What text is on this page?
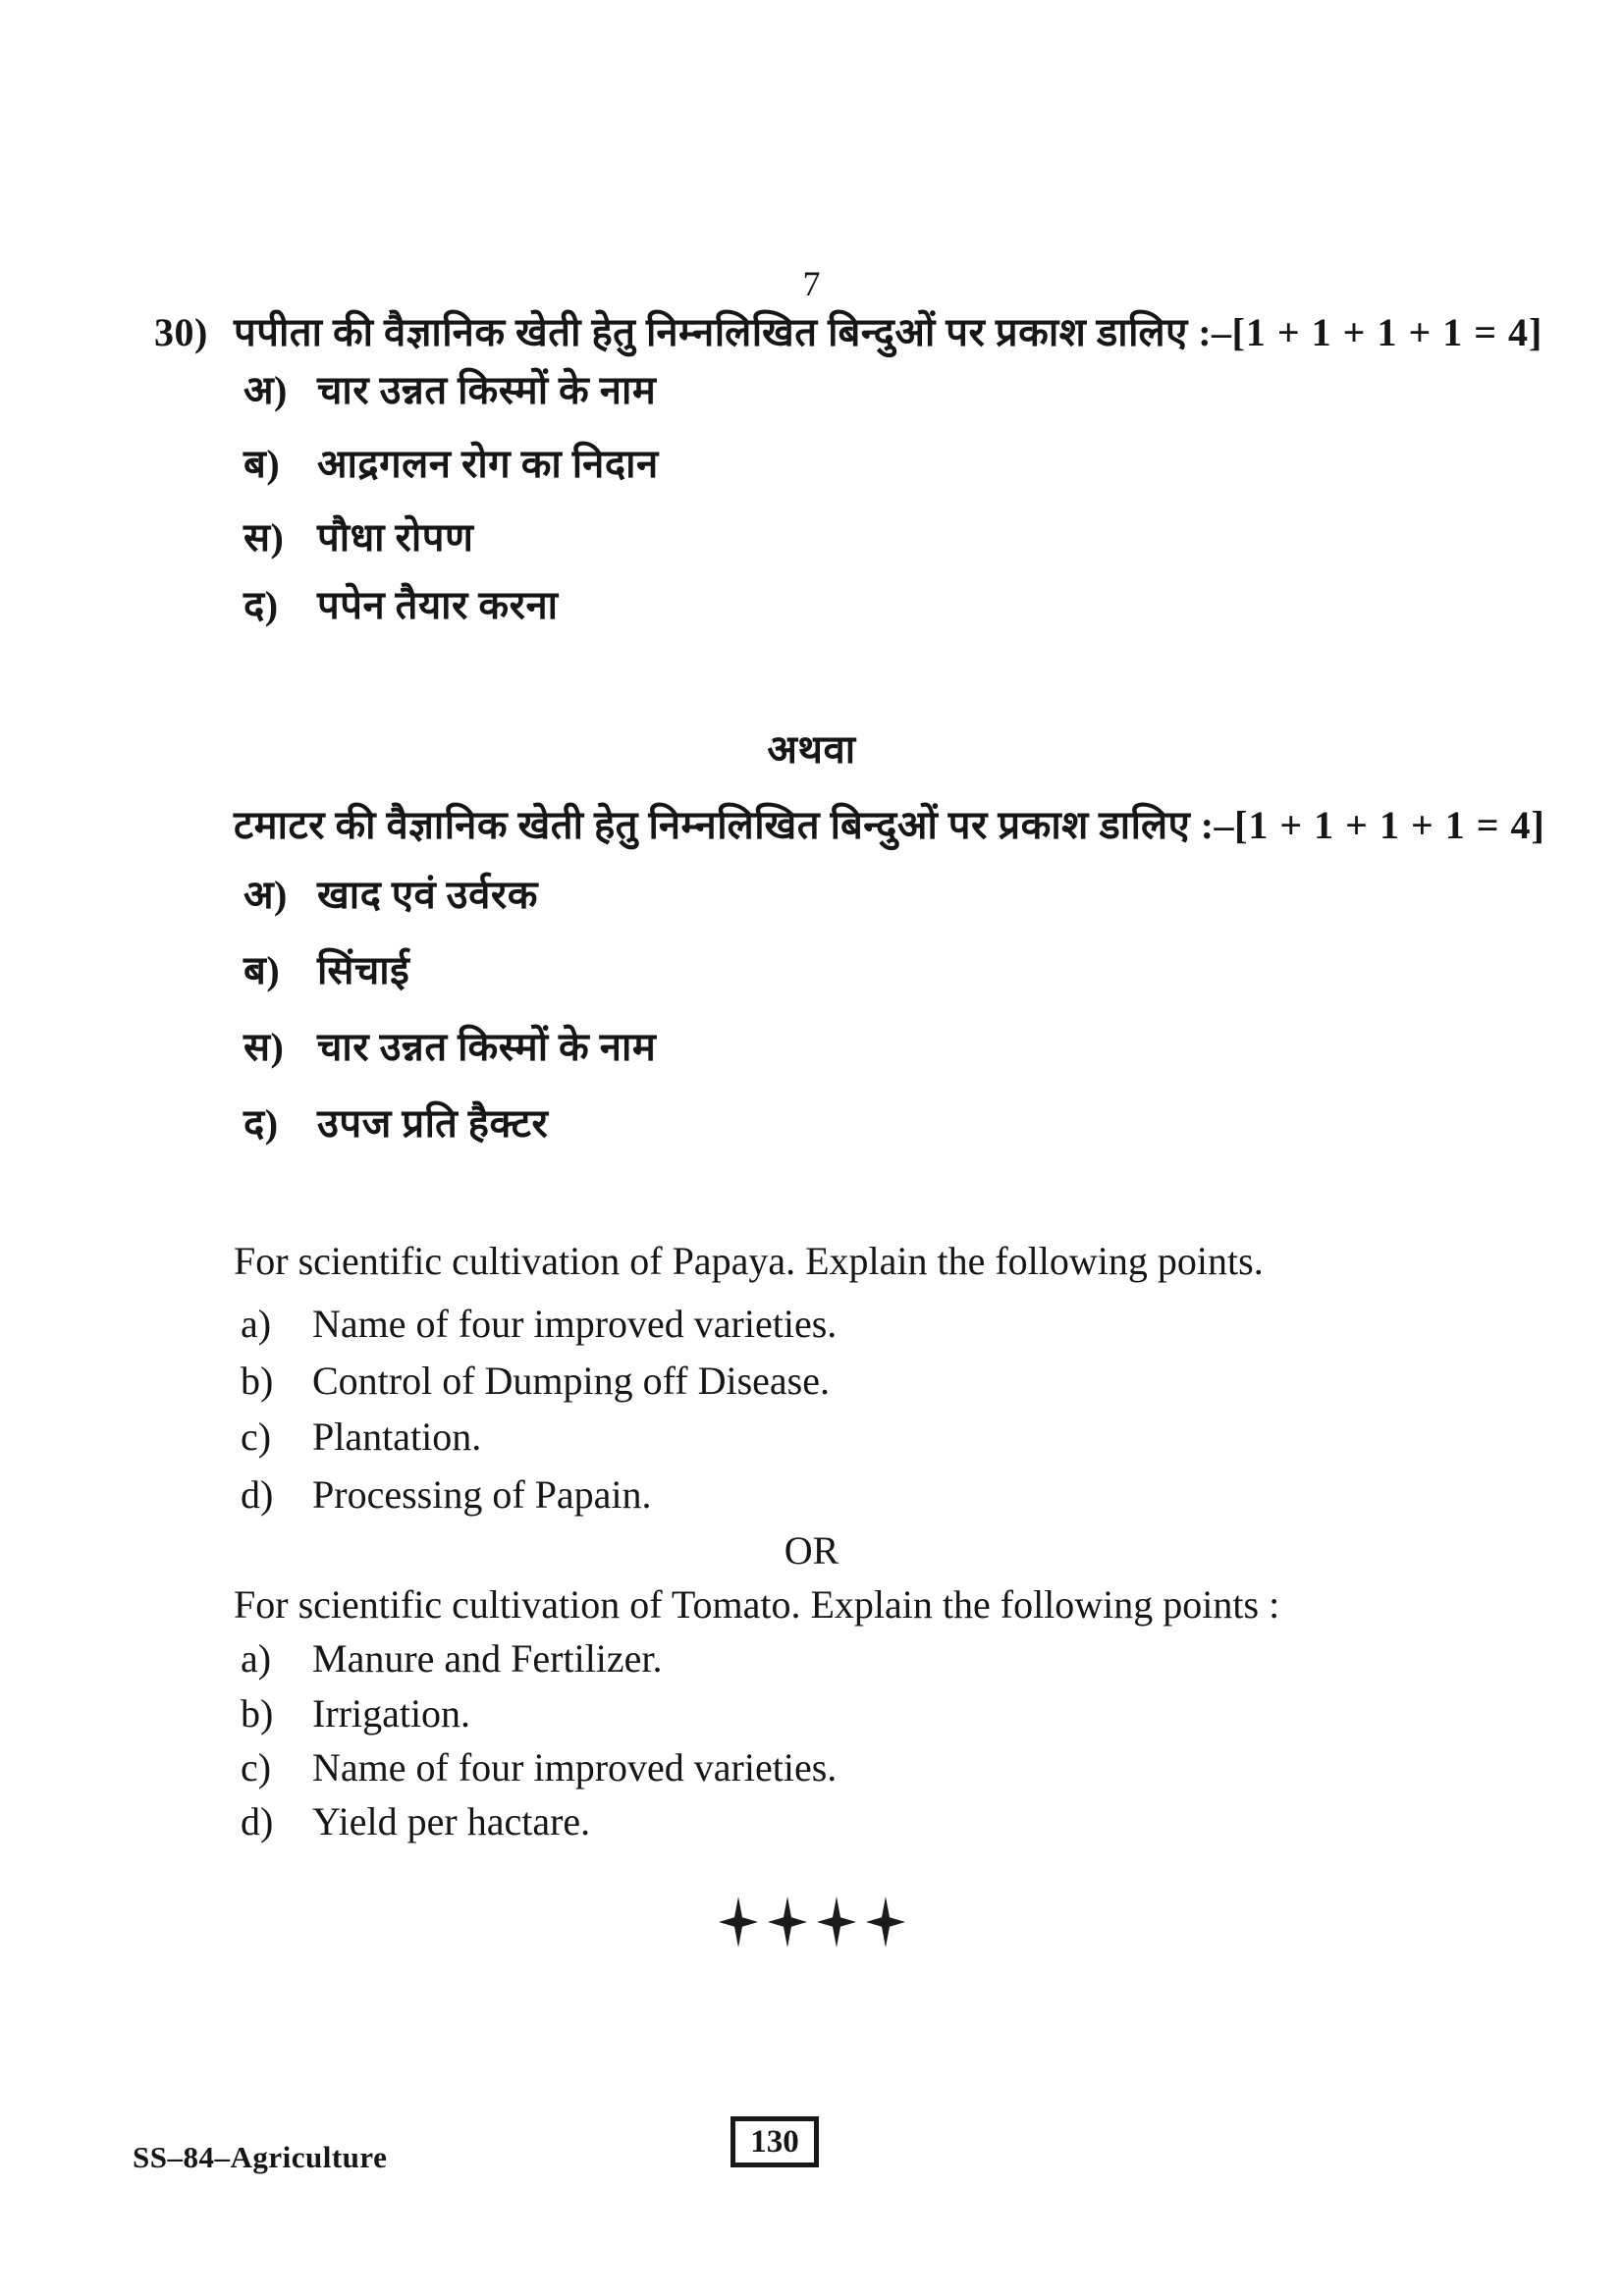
7
30) पपीता की वैज्ञानिक खेती हेतु निम्नलिखित बिन्दुओं पर प्रकाश डालिए :– [1 + 1 + 1 + 1 = 4]
अ) चार उन्नत किस्मों के नाम
ब) आद्रगलन रोग का निदान
स) पौधा रोपण
द) पपेन तैयार करना
अथवा
टमाटर की वैज्ञानिक खेती हेतु निम्नलिखित बिन्दुओं पर प्रकाश डालिए :– [1 + 1 + 1 + 1 = 4]
अ) खाद एवं उर्वरक
ब) सिंचाई
स) चार उन्नत किस्मों के नाम
द) उपज प्रति हैक्टर
For scientific cultivation of Papaya. Explain the following points.
a)	Name of four improved varieties.
b) Control of Dumping off Disease.
c)	Plantation.
d) Processing of Papain.
OR
For scientific cultivation of Tomato. Explain the following points :
a)	Manure and Fertilizer.
b) Irrigation.
c)	Name of four improved varieties.
d) Yield per hactare.
SS–84–Agriculture	130
